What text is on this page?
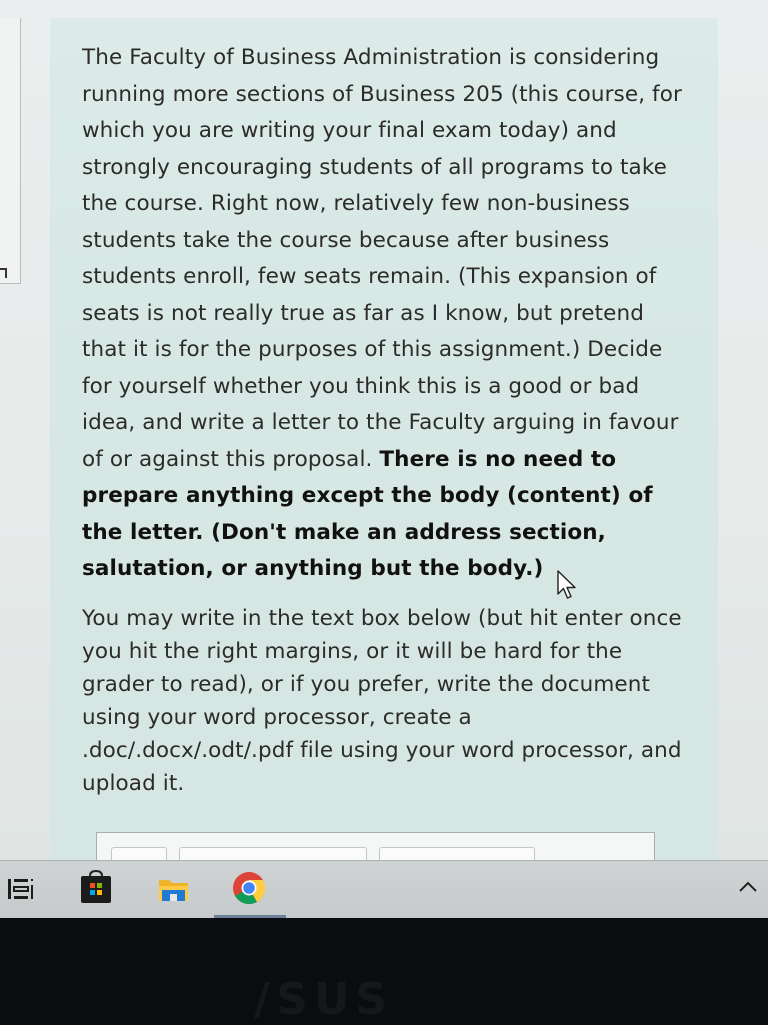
The Faculty of Business Administration is considering running more sections of Business 205 (this course, for which you are writing your final exam today) and strongly encouraging students of all programs to take the course. Right now, relatively few non-business students take the course because after business students enroll, few seats remain. (This expansion of seats is not really true as far as I know, but pretend that it is for the purposes of this assignment.) Decide for yourself whether you think this is a good or bad idea, and write a letter to the Faculty arguing in favour of or against this proposal. There is no need to prepare anything except the body (content) of the letter. (Don't make an address section, salutation, or anything but the body.)

You may write in the text box below (but hit enter once you hit the right margins, or it will be hard for the grader to read), or if you prefer, write the document using your word processor, create a .doc/.docx/.odt/.pdf file using your word processor, and upload it.

/SUS
